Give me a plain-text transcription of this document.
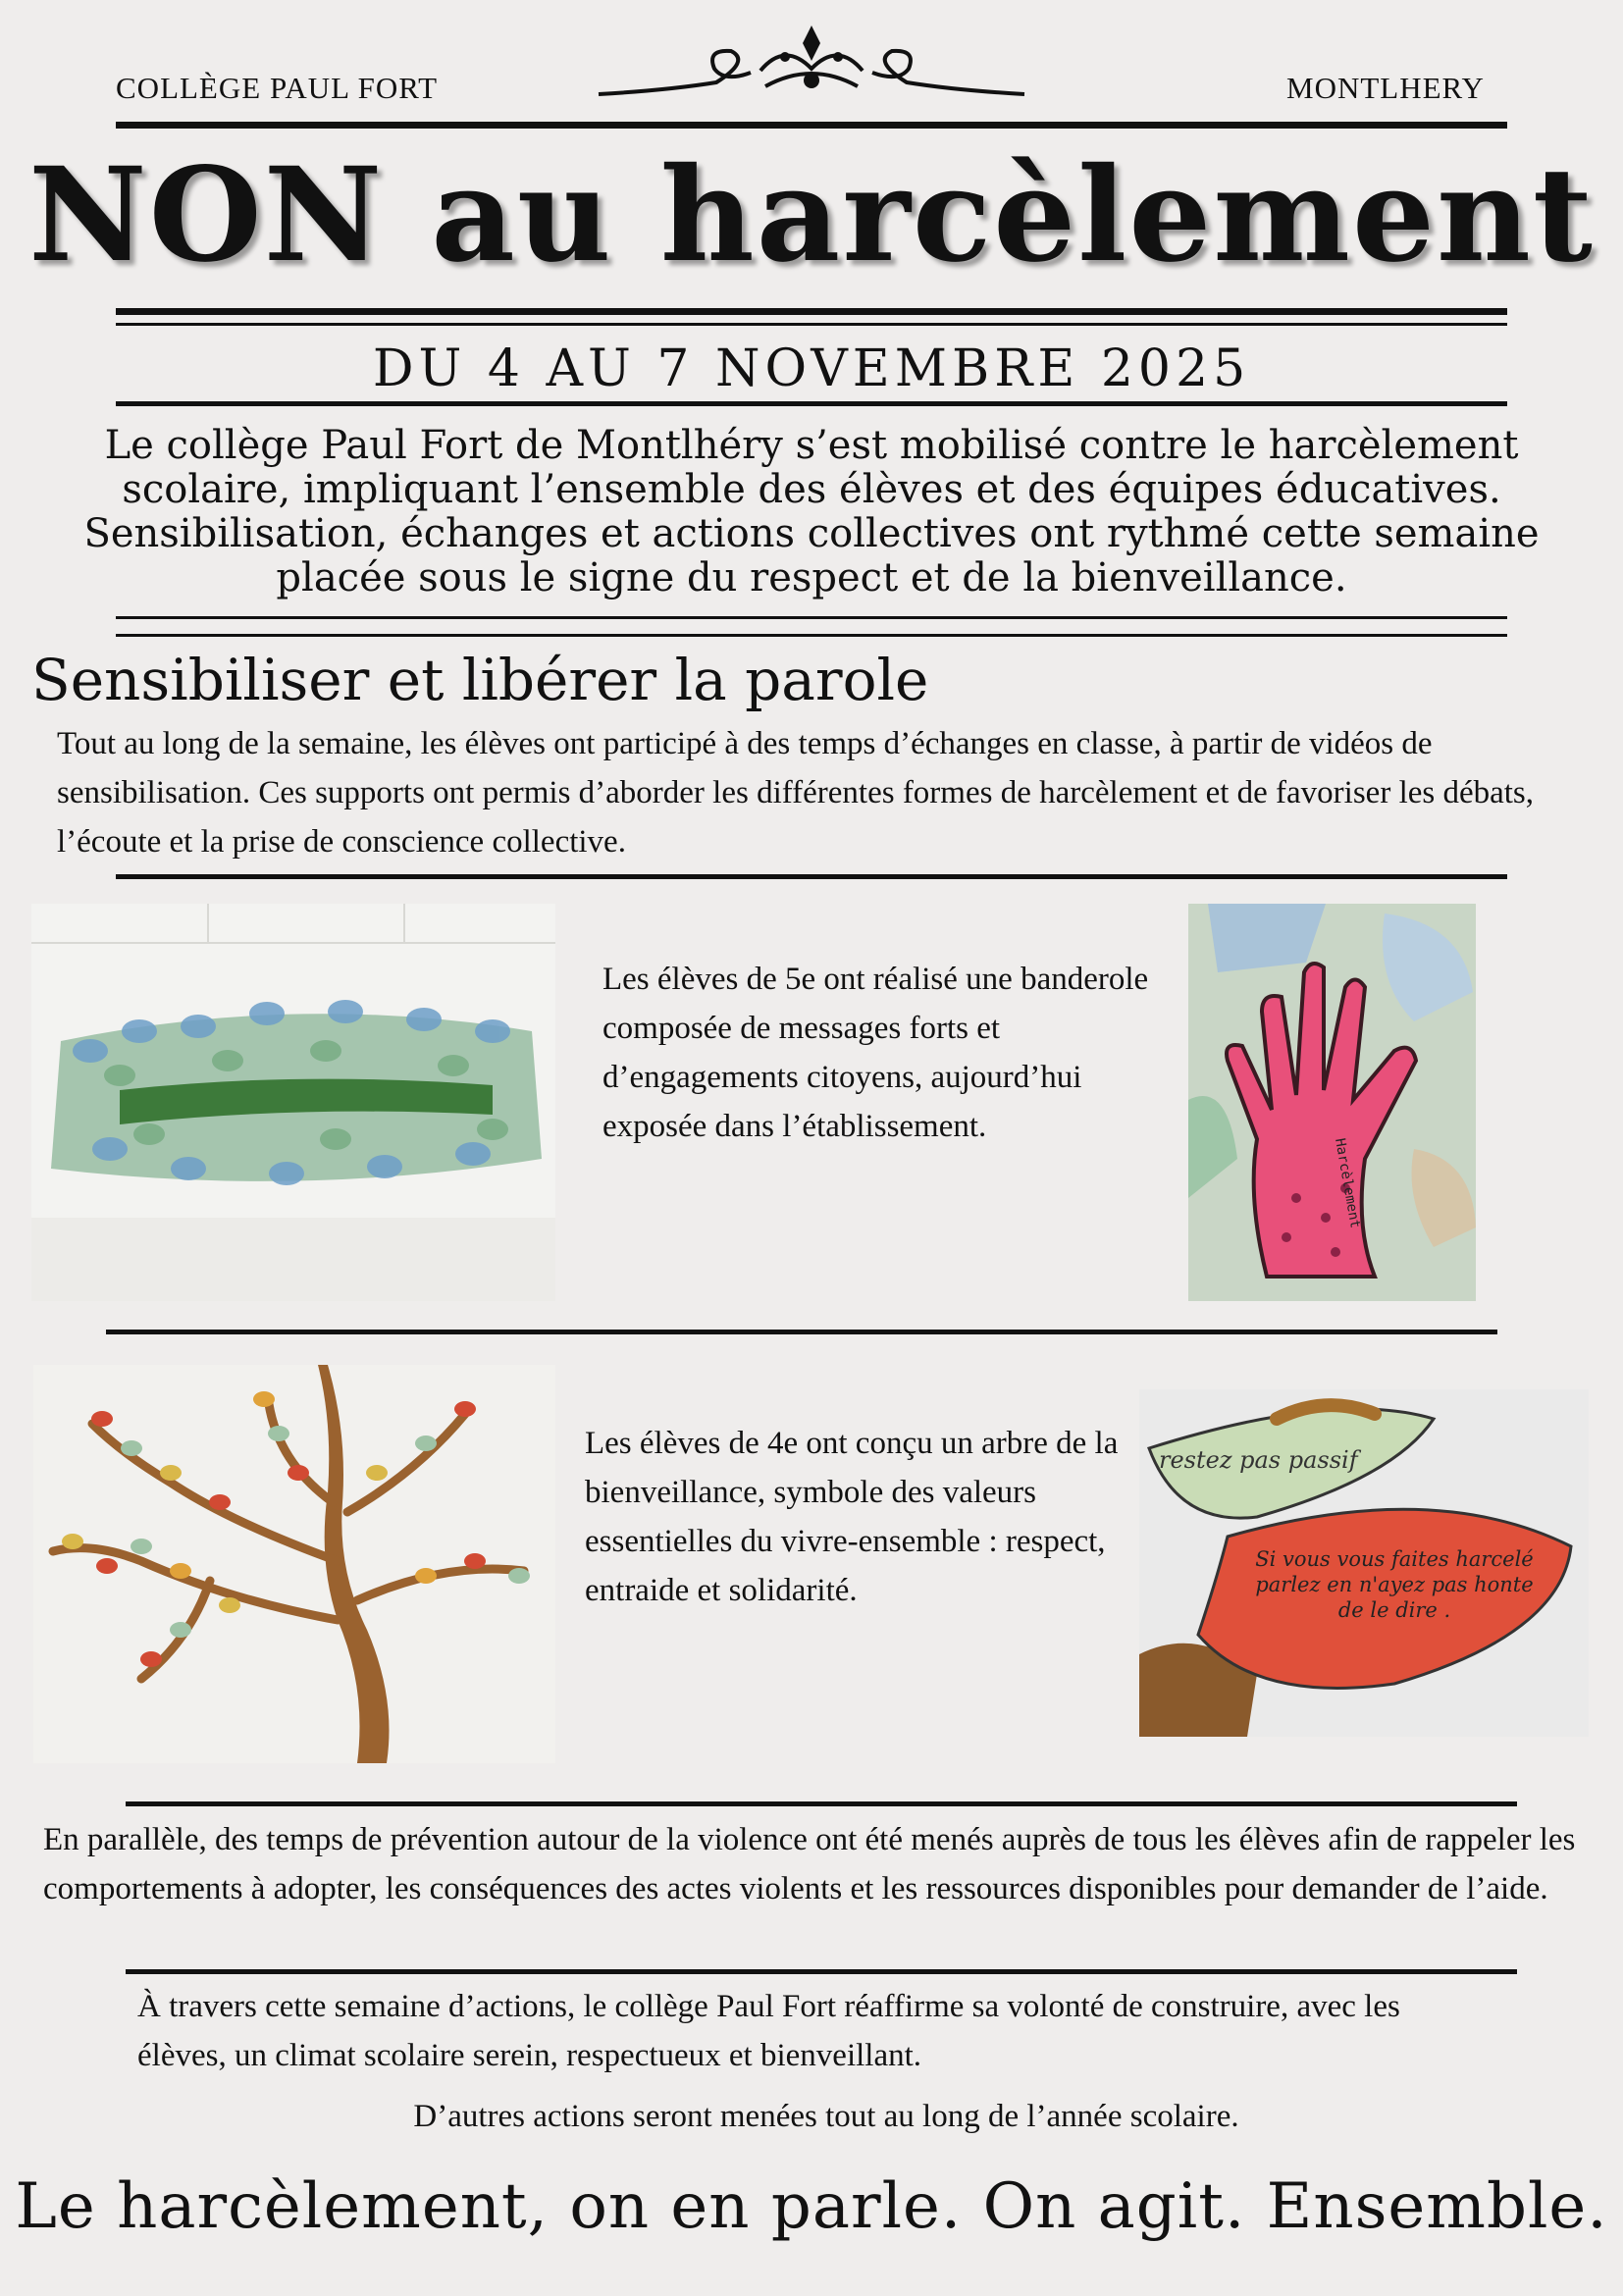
COLLÈGE PAUL FORT	MONTLHERY
NON au harcèlement
DU 4 AU 7 NOVEMBRE 2025
Le collège Paul Fort de Montlhéry s’est mobilisé contre le harcèlement scolaire, impliquant l’ensemble des élèves et des équipes éducatives. Sensibilisation, échanges et actions collectives ont rythmé cette semaine placée sous le signe du respect et de la bienveillance.
Sensibiliser et libérer la parole
Tout au long de la semaine, les élèves ont participé à des temps d’échanges en classe, à partir de vidéos de sensibilisation. Ces supports ont permis d’aborder les différentes formes de harcèlement et de favoriser les débats, l’écoute et la prise de conscience collective.
Les élèves de 5e ont réalisé une banderole composée de messages forts et d’engagements citoyens, aujourd’hui exposée dans l’établissement.
Harcèlement
Les élèves de 4e ont conçu un arbre de la bienveillance, symbole des valeurs essentielles du vivre-ensemble : respect, entraide et solidarité.
restez pas passif
Si vous vous faites harcelé parlez en n'ayez pas honte de le dire .
En parallèle, des temps de prévention autour de la violence ont été menés auprès de tous les élèves afin de rappeler les comportements à adopter, les conséquences des actes violents et les ressources disponibles pour demander de l’aide.
À travers cette semaine d’actions, le collège Paul Fort réaffirme sa volonté de construire, avec les élèves, un climat scolaire serein, respectueux et bienveillant.
D’autres actions seront menées tout au long de l’année scolaire.
Le harcèlement, on en parle. On agit. Ensemble.
